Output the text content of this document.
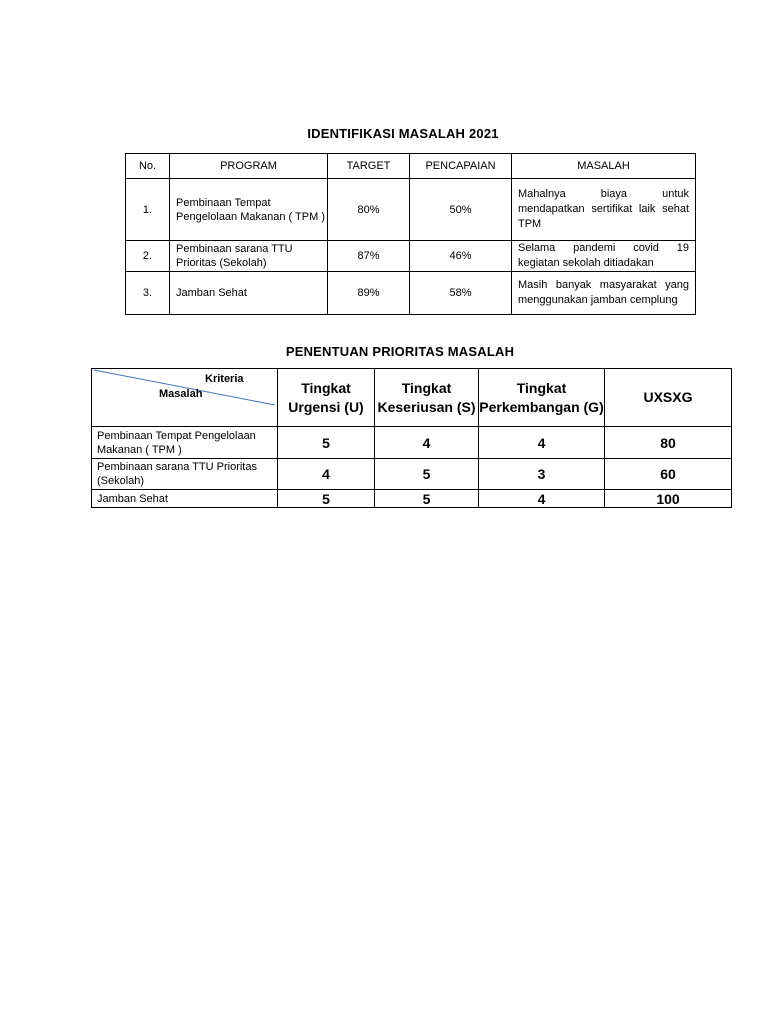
IDENTIFIKASI MASALAH 2021
No.	PROGRAM	TARGET	PENCAPAIAN	MASALAH
1.	Pembinaan Tempat Pengelolaan Makanan ( TPM )	80%	50%	Mahalnya biaya untuk mendapatkan sertifikat laik sehat TPM
2.	Pembinaan sarana TTU Prioritas (Sekolah)	87%	46%	Selama pandemi covid 19 kegiatan sekolah ditiadakan
3.	Jamban Sehat	89%	58%	Masih banyak masyarakat yang menggunakan jamban cemplung
PENENTUAN PRIORITAS MASALAH
Kriteria
Masalah	Tingkat Urgensi (U)	Tingkat Keseriusan (S)	Tingkat Perkembangan (G)	UXSXG
Pembinaan Tempat Pengelolaan Makanan ( TPM )	5	4	4	80
Pembinaan sarana TTU Prioritas (Sekolah)	4	5	3	60
Jamban Sehat	5	5	4	100
